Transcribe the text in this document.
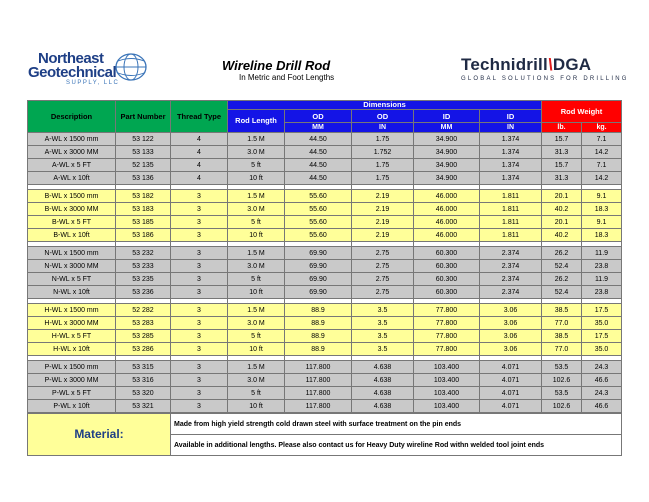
Northeast
Geotechnical
SUPPLY, LLC
Wireline Drill Rod
In Metric and Foot Lengths
Technidrill\DGA
GLOBAL SOLUTIONS FOR DRILLING
Description	Part Number	Thread Type	Dimensions					Rod Weight	
			Rod Length	OD	OD	ID	ID		
				MM	IN	MM	IN	lb.	kg.
A-WL x 1500 mm	53 122	4	1.5 M	44.50	1.75	34.900	1.374	15.7	7.1
A-WL x 3000 MM	53 133	4	3.0 M	44.50	1.752	34.900	1.374	31.3	14.2
A-WL x 5 FT	52 135	4	5 ft	44.50	1.75	34.900	1.374	15.7	7.1
A-WL x 10ft	53 136	4	10 ft	44.50	1.75	34.900	1.374	31.3	14.2

B-WL x 1500 mm	53 182	3	1.5 M	55.60	2.19	46.000	1.811	20.1	9.1
B-WL x 3000 MM	53 183	3	3.0 M	55.60	2.19	46.000	1.811	40.2	18.3
B-WL x 5 FT	53 185	3	5 ft	55.60	2.19	46.000	1.811	20.1	9.1
B-WL x 10ft	53 186	3	10 ft	55.60	2.19	46.000	1.811	40.2	18.3

N-WL x 1500 mm	53 232	3	1.5 M	69.90	2.75	60.300	2.374	26.2	11.9
N-WL x 3000 MM	53 233	3	3.0 M	69.90	2.75	60.300	2.374	52.4	23.8
N-WL x 5 FT	53 235	3	5 ft	69.90	2.75	60.300	2.374	26.2	11.9
N-WL x 10ft	53 236	3	10 ft	69.90	2.75	60.300	2.374	52.4	23.8

H-WL x 1500 mm	52 282	3	1.5 M	88.9	3.5	77.800	3.06	38.5	17.5
H-WL x 3000 MM	53 283	3	3.0 M	88.9	3.5	77.800	3.06	77.0	35.0
H-WL x 5 FT	53 285	3	5 ft	88.9	3.5	77.800	3.06	38.5	17.5
H-WL x 10ft	53 286	3	10 ft	88.9	3.5	77.800	3.06	77.0	35.0

P-WL x 1500 mm	53 315	3	1.5 M	117.800	4.638	103.400	4.071	53.5	24.3
P-WL x 3000 MM	53 316	3	3.0 M	117.800	4.638	103.400	4.071	102.6	46.6
P-WL x 5 FT	53 320	3	5 ft	117.800	4.638	103.400	4.071	53.5	24.3
P-WL x 10ft	53 321	3	10 ft	117.800	4.638	103.400	4.071	102.6	46.6
Material:		Made from high yield strength cold drawn steel with surface treatment on the pin ends							
		Available in additional lengths. Please also contact us for Heavy Duty wireline Rod withn welded tool joint ends							
